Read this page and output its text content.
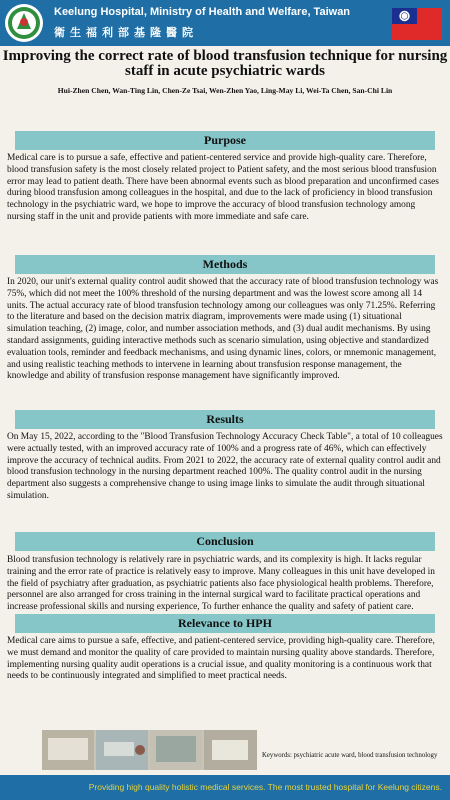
Keelung Hospital, Ministry of Health and Welfare, Taiwan
衛生福利部基隆醫院
Improving the correct rate of blood transfusion technique for nursing staff in acute psychiatric wards
Hui-Zhen Chen, Wan-Ting Lin, Chen-Ze Tsai, Wen-Zhen Yao, Ling-May Li, Wei-Ta Chen, San-Chi Lin
Purpose
Medical care is to pursue a safe, effective and patient-centered service and provide high-quality care. Therefore, blood transfusion safety is the most closely related project to Patient safety, and the most serious blood transfusion error may lead to patient death. There have been abnormal events such as blood preparation and unconfirmed cases during blood transfusion among colleagues in the hospital, and due to the lack of proficiency in blood transfusion technology in the psychiatric ward, we hope to improve the accuracy of blood transfusion technology among nursing staff in the unit and provide patients with more immediate and safe care.
Methods
In 2020, our unit's external quality control audit showed that the accuracy rate of blood transfusion technology was 75%, which did not meet the 100% threshold of the nursing department and was the lowest score among all 14 units. The actual accuracy rate of blood transfusion technology among our colleagues was only 71.25%. Referring to the literature and based on the decision matrix diagram, improvements were made using (1) situational simulation teaching, (2) image, color, and number association methods, and (3) dual audit mechanisms. By using standard assignments, guiding interactive methods such as scenario simulation, using objective and standardized evaluation tools, reminder and feedback mechanisms, and using dynamic lines, colors, or mnemonic management, and using realistic teaching methods to intervene in learning about transfusion response management, the knowledge and ability of transfusion response management have significantly improved.
Results
On May 15, 2022, according to the "Blood Transfusion Technology Accuracy Check Table", a total of 10 colleagues were actually tested, with an improved accuracy rate of 100% and a progress rate of 46%, which can effectively improve the accuracy of technical audits. From 2021 to 2022, the accuracy rate of external quality control audit and blood transfusion technology in the nursing department reached 100%. The quality control audit in the nursing department also suggests a comprehensive change to using image links to simulate the audit through situational simulation.
Conclusion
Blood transfusion technology is relatively rare in psychiatric wards, and its complexity is high. It lacks regular training and the error rate of practice is relatively easy to improve. Many colleagues in this unit have developed in the field of psychiatry after graduation, as psychiatric patients also face physiological health problems. Therefore, personnel are also arranged for cross training in the internal surgical ward to facilitate practical operations and increase professional skills and nursing experience, To further enhance the quality and safety of patient care.
Relevance to HPH
Medical care aims to pursue a safe, effective, and patient-centered service, providing high-quality care. Therefore, we must demand and monitor the quality of care provided to maintain nursing quality above standards. Therefore, implementing nursing quality audit operations is a crucial issue, and quality monitoring is a continuous work that needs to be continuously integrated and simplified to meet practical needs.
Keywords: psychiatric acute ward, blood transfusion technology
Providing high quality holistic medical services. The most trusted hospital for Keelung citizens.
